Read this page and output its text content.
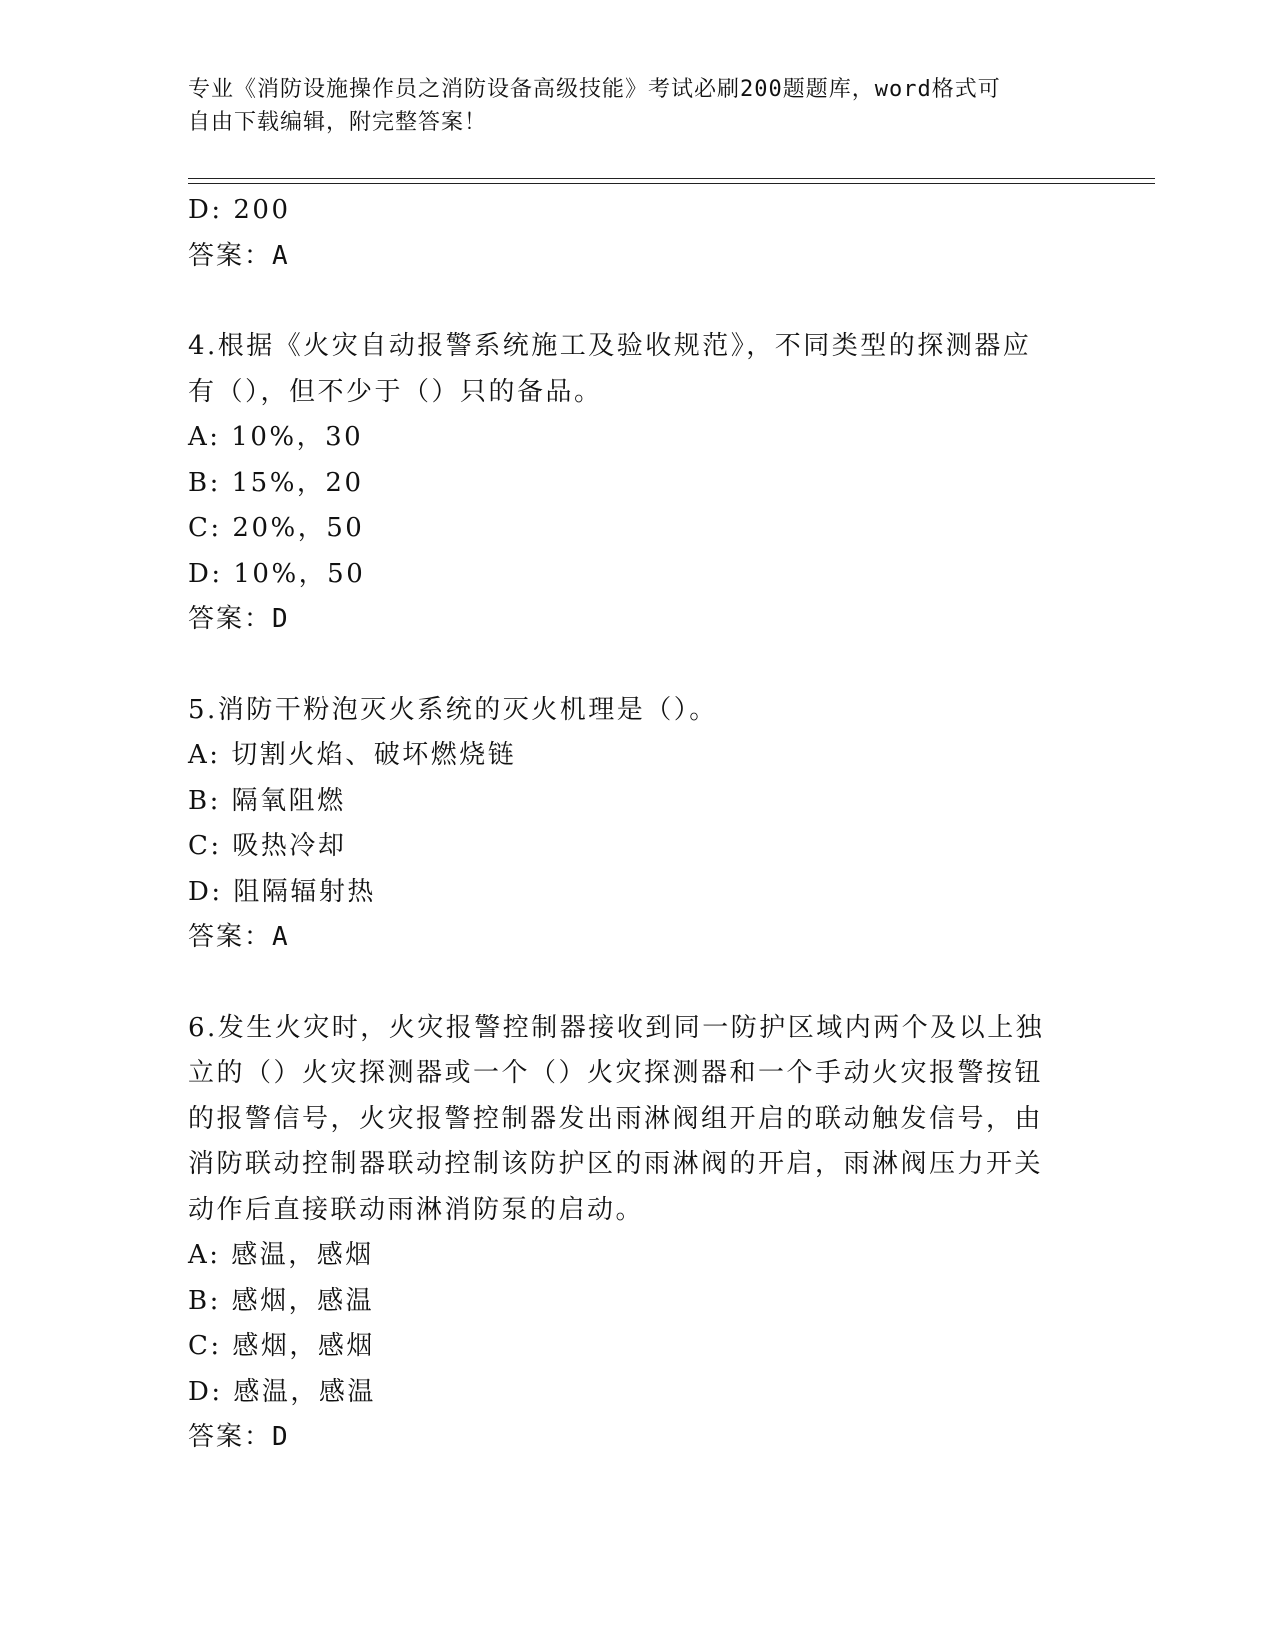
专业《消防设施操作员之消防设备高级技能》考试必刷200题题库，word格式可
自由下载编辑，附完整答案！
D: 200
答案：A
4.根据《火灾自动报警系统施工及验收规范》，不同类型的探测器应
有（），但不少于（）只的备品。
A: 10%，30
B: 15%，20
C: 20%，50
D: 10%，50
答案：D
5.消防干粉泡灭火系统的灭火机理是（）。
A: 切割火焰、破坏燃烧链
B: 隔氧阻燃
C: 吸热冷却
D: 阻隔辐射热
答案：A
6.发生火灾时，火灾报警控制器接收到同一防护区域内两个及以上独
立的（）火灾探测器或一个（）火灾探测器和一个手动火灾报警按钮
的报警信号，火灾报警控制器发出雨淋阀组开启的联动触发信号，由
消防联动控制器联动控制该防护区的雨淋阀的开启，雨淋阀压力开关
动作后直接联动雨淋消防泵的启动。
A: 感温，感烟
B: 感烟，感温
C: 感烟，感烟
D: 感温，感温
答案：D
